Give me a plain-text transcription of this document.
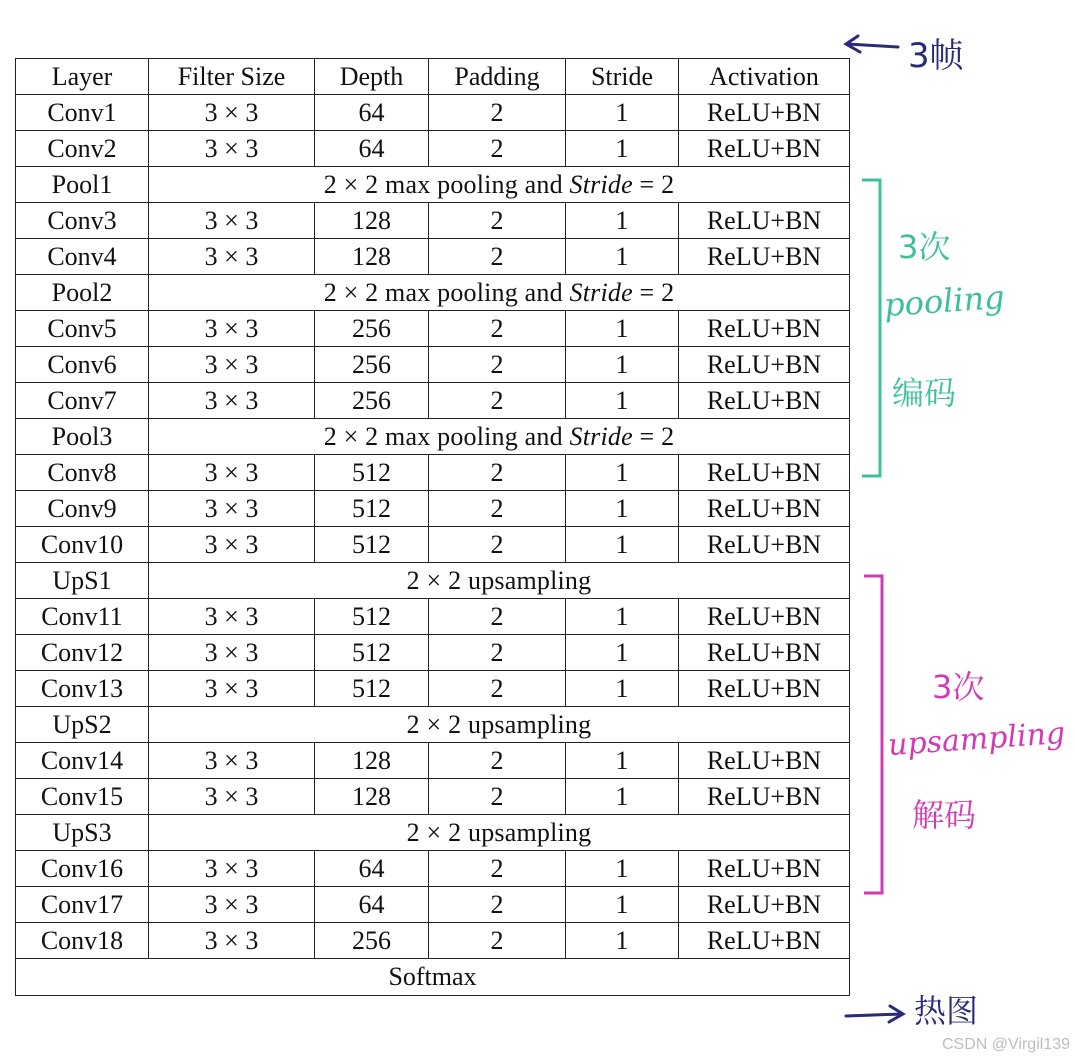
Layer	Filter Size	Depth	Padding	Stride	Activation
Conv1	3 × 3	64	2	1	ReLU+BN
Conv2	3 × 3	64	2	1	ReLU+BN
Pool1	2 × 2 max pooling and Stride = 2				
Conv3	3 × 3	128	2	1	ReLU+BN
Conv4	3 × 3	128	2	1	ReLU+BN
Pool2	2 × 2 max pooling and Stride = 2				
Conv5	3 × 3	256	2	1	ReLU+BN
Conv6	3 × 3	256	2	1	ReLU+BN
Conv7	3 × 3	256	2	1	ReLU+BN
Pool3	2 × 2 max pooling and Stride = 2				
Conv8	3 × 3	512	2	1	ReLU+BN
Conv9	3 × 3	512	2	1	ReLU+BN
Conv10	3 × 3	512	2	1	ReLU+BN
UpS1	2 × 2 upsampling				
Conv11	3 × 3	512	2	1	ReLU+BN
Conv12	3 × 3	512	2	1	ReLU+BN
Conv13	3 × 3	512	2	1	ReLU+BN
UpS2	2 × 2 upsampling				
Conv14	3 × 3	128	2	1	ReLU+BN
Conv15	3 × 3	128	2	1	ReLU+BN
UpS3	2 × 2 upsampling				
Conv16	3 × 3	64	2	1	ReLU+BN
Conv17	3 × 3	64	2	1	ReLU+BN
Conv18	3 × 3	256	2	1	ReLU+BN
Softmax					
3帧
3次
pooling
编码
3次
upsampling
解码
热图
CSDN @Virgil139
